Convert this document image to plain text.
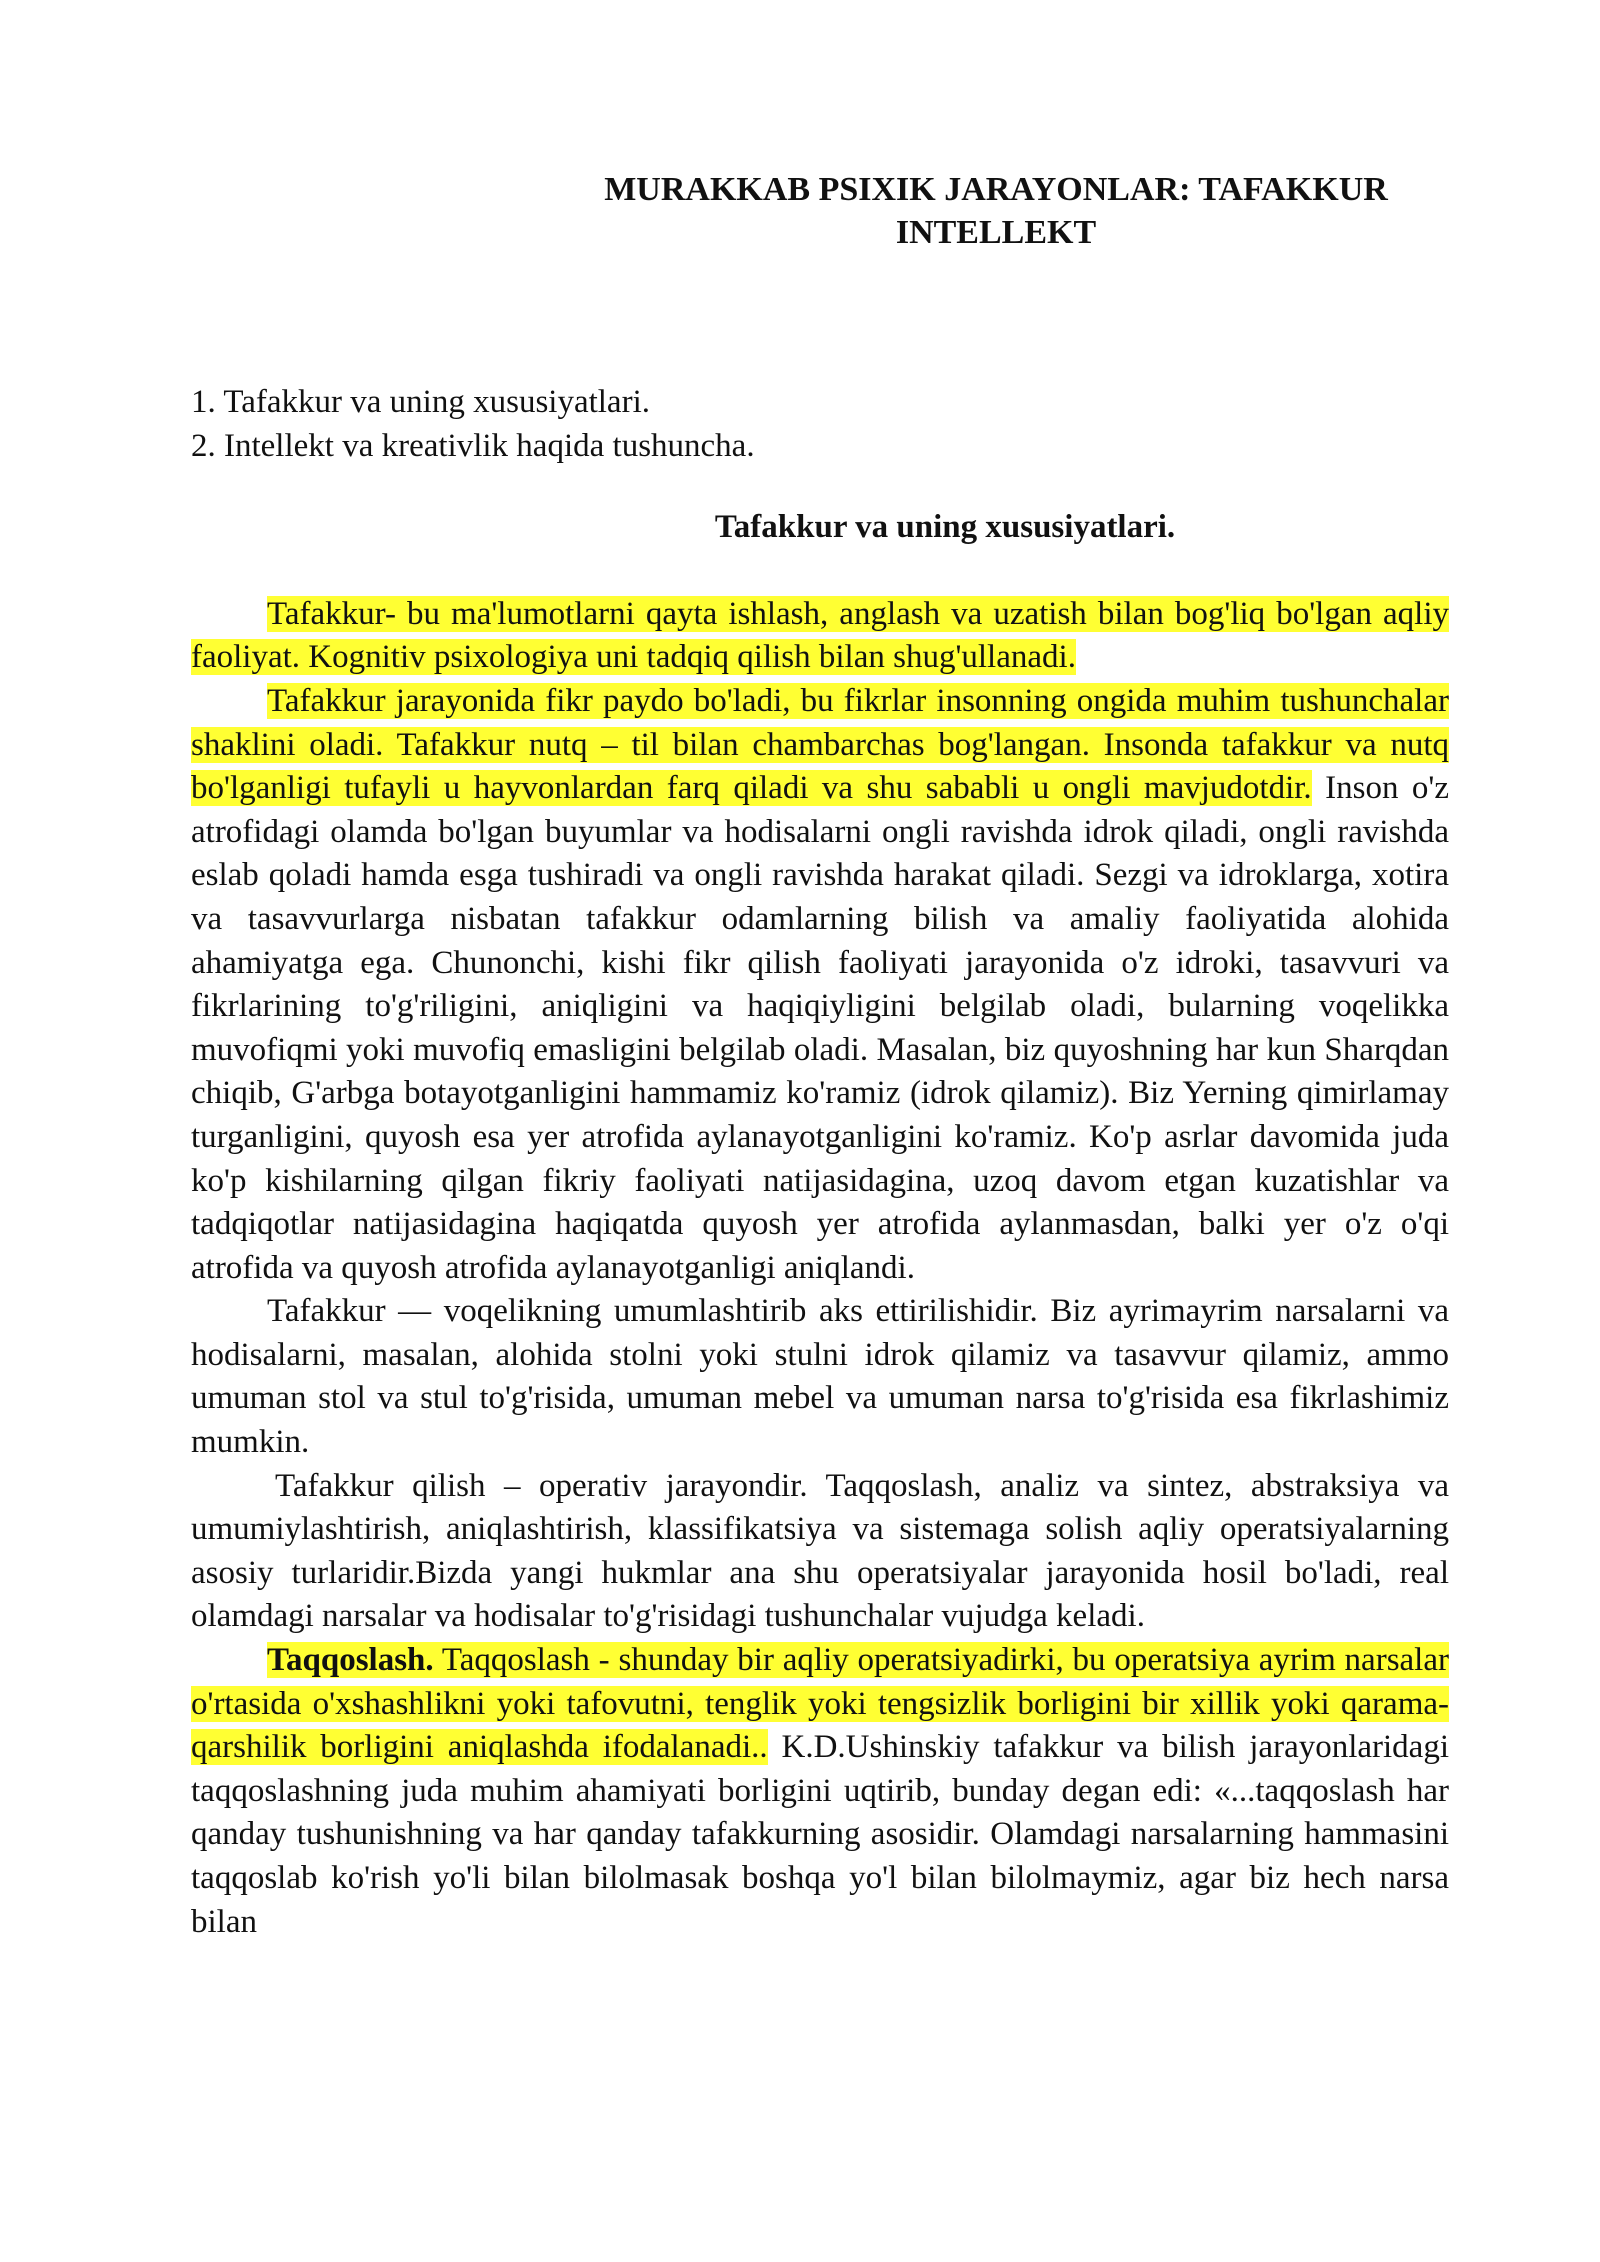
MURAKKAB PSIXIK JARAYONLAR: TAFAKKUR
INTELLEKT
1. Tafakkur va uning xususiyatlari.
2. Intellekt va kreativlik haqida tushuncha.
Tafakkur va uning xususiyatlari.

Tafakkur- bu ma'lumotlarni qayta ishlash, anglash va uzatish bilan bog'liq bo'lgan aqliy faoliyat. Kognitiv psixologiya uni tadqiq qilish bilan shug'ullanadi.

Tafakkur jarayonida fikr paydo bo'ladi, bu fikrlar insonning ongida muhim tushunchalar shaklini oladi. Tafakkur nutq – til bilan chambarchas bog'langan. Insonda tafakkur va nutq bo'lganligi tufayli u hayvonlardan farq qiladi va shu sababli u ongli mavjudotdir. Inson o'z atrofidagi olamda bo'lgan buyumlar va hodisalarni ongli ravishda idrok qiladi, ongli ravishda eslab qoladi hamda esga tushiradi va ongli ravishda harakat qiladi. Sezgi va idroklarga, xotira va tasavvurlarga nisbatan tafakkur odamlarning bilish va amaliy faoliyatida alohida ahamiyatga ega. Chunonchi, kishi fikr qilish faoliyati jarayonida o'z idroki, tasavvuri va fikrlarining to'g'riligini, aniqligini va haqiqiyligini belgilab oladi, bularning voqelikka muvofiqmi yoki muvofiq emasligini belgilab oladi. Masalan, biz quyoshning har kun Sharqdan chiqib, G'arbga botayotganligini hammamiz ko'ramiz (idrok qilamiz). Biz Yerning qimirlamay turganligini, quyosh esa yer atrofida aylanayotganligini ko'ramiz. Ko'p asrlar davomida juda ko'p kishilarning qilgan fikriy faoliyati natijasidagina, uzoq davom etgan kuzatishlar va tadqiqotlar natijasidagina haqiqatda quyosh yer atrofida aylanmasdan, balki yer o'z o'qi atrofida va quyosh atrofida aylanayotganligi aniqlandi.

Tafakkur — voqelikning umumlashtirib aks ettirilishidir. Biz ayrimayrim narsalarni va hodisalarni, masalan, alohida stolni yoki stulni idrok qilamiz va tasavvur qilamiz, ammo umuman stol va stul to'g'risida, umuman mebel va umuman narsa to'g'risida esa fikrlashimiz mumkin.

Tafakkur qilish – operativ jarayondir. Taqqoslash, analiz va sintez, abstraksiya va umumiylashtirish, aniqlashtirish, klassifikatsiya va sistemaga solish aqliy operatsiyalarning asosiy turlaridir.Bizda yangi hukmlar ana shu operatsiyalar jarayonida hosil bo'ladi, real olamdagi narsalar va hodisalar to'g'risidagi tushunchalar vujudga keladi.

Taqqoslash. Taqqoslash - shunday bir aqliy operatsiyadirki, bu operatsiya ayrim narsalar o'rtasida o'xshashlikni yoki tafovutni, tenglik yoki tengsizlik borligini bir xillik yoki qarama-qarshilik borligini aniqlashda ifodalanadi.. K.D.Ushinskiy tafakkur va bilish jarayonlaridagi taqqoslashning juda muhim ahamiyati borligini uqtirib, bunday degan edi: «...taqqoslash har qanday tushunishning va har qanday tafakkurning asosidir. Olamdagi narsalarning hammasini taqqoslab ko'rish yo'li bilan bilolmasak boshqa yo'l bilan bilolmaymiz, agar biz hech narsa bilan
